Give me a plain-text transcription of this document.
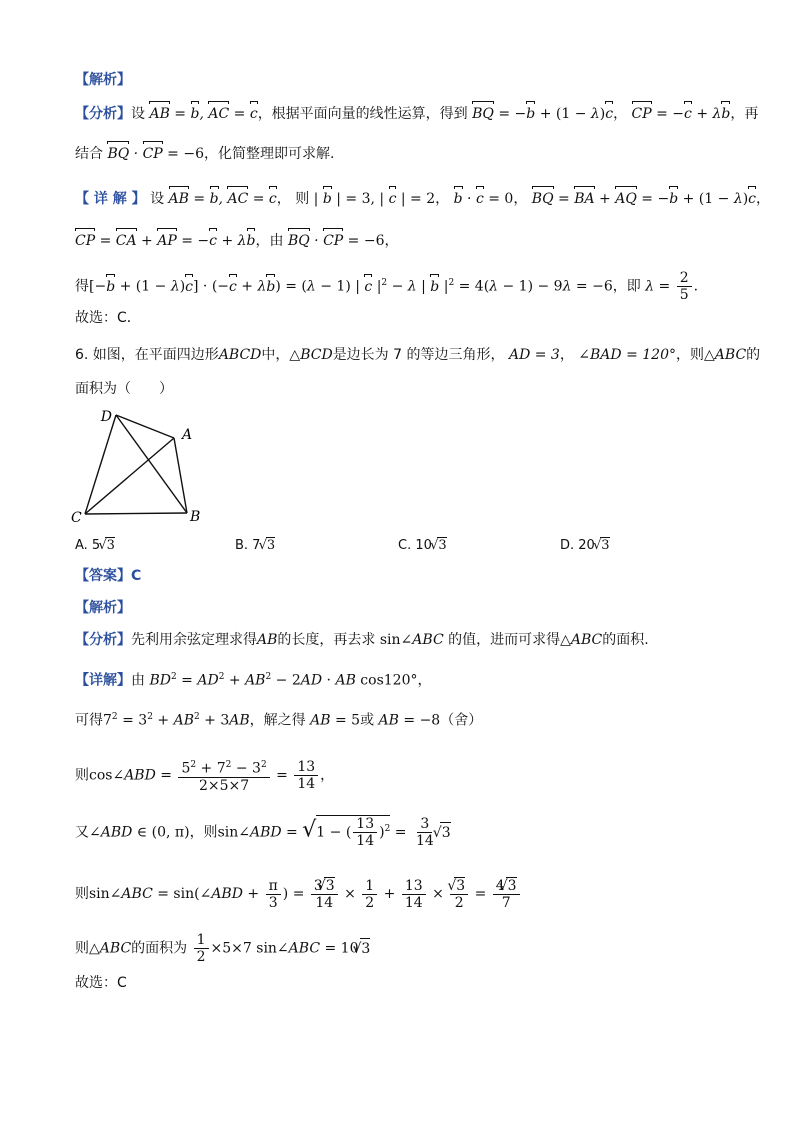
【解析】
【分析】设 AB = b, AC = c，根据平面向量的线性运算，得到 BQ = −b + (1 − λ)c， CP = −c + λb，再
结合 BQ · CP = −6，化简整理即可求解.
【 详 解 】 设 AB = b, AC = c， 则 | b | = 3, | c | = 2， b · c = 0， BQ = BA + AQ = −b + (1 − λ)c，
CP = CA + AP = −c + λb，由 BQ · CP = −6，
得[−b + (1 − λ)c] · (−c + λb) = (λ − 1) | c $|^2 - \lambda$ | b $|^2 = 4(\lambda - 1) - 9\lambda = -6$，即 $\lambda = \frac{2}{5}$ .
故选：C．
6. 如图，在平面四边形ABCD中，△BCD是边长为 7 的等边三角形， AD = 3， ∠BAD = 120°，则△ABC的
面积为（　　）
D
A
C	B
A. 5 √ 3	B. 7 √ 3	C. 10 √ 3	D. 20 √ 3
【答案】C
【解析】
【分析】先利用余弦定理求得AB的长度，再去求 sin∠ABC 的值，进而可求得△ABC的面积.
【详解】由 $BD^2 = AD^2 + AB^2 - 2AD$ · AB cos120°，
可得$7^2 = 3^2 + AB^2 + 3AB$，解之得 AB = 5或 AB = −8（舍）
则cos∠ABD = $\frac{5^2 + 7^2 - 3^2}{2\times 5\times 7} = \frac{13}{14}$ ，
又∠ABD ∈ (0, π)，则sin∠ABD = √1 − ( $\frac{13}{14} )^2 = \frac{3}{14}$ √ 3
则sin∠ABC = sin(∠ABD + $\frac{\pi}{3}$ ) = $\frac{3 √ 3}{14} \times \frac{1}{2} + \frac{13}{14}$ × √ $\frac{3}{2} = \frac{4 √ 3}{7}$
则△ABC的面积为 $\frac{1}{2} \times 5\times 7$ sin∠ABC = 10 √ 3
故选：C
